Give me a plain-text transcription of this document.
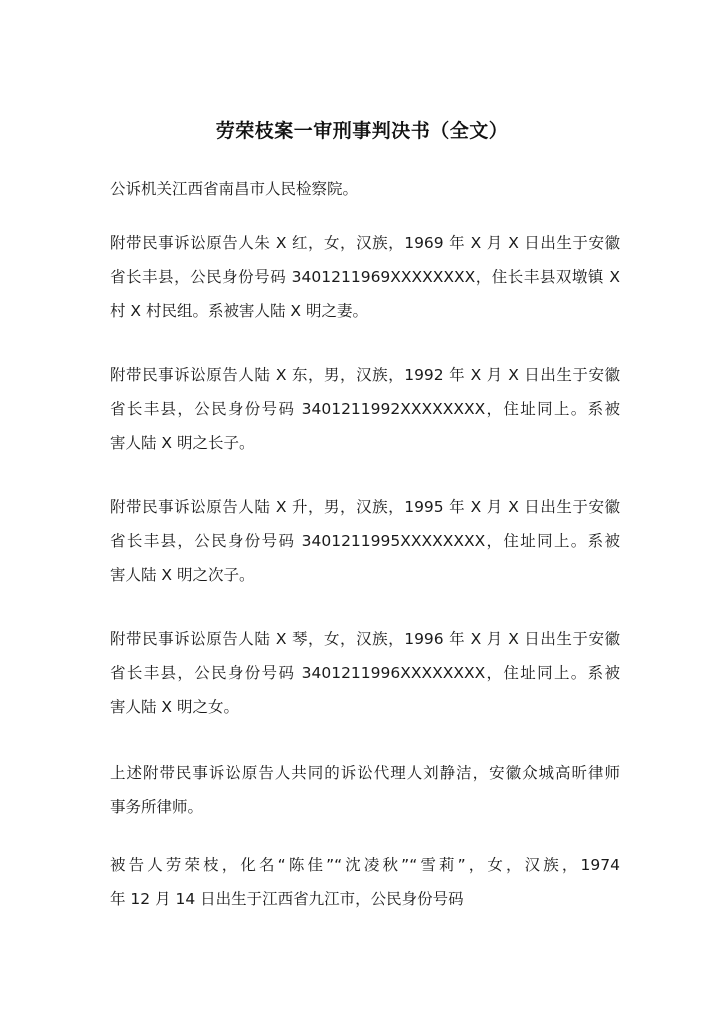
劳荣枝案一审刑事判决书（全文）
公诉机关江西省南昌市人民检察院。
附带民事诉讼原告人朱 X 红，女，汉族，1969 年 X 月 X 日出生于安徽
省长丰县，公民身份号码 3401211969XXXXXXXX，住长丰县双墩镇 X
村 X 村民组。系被害人陆 X 明之妻。
附带民事诉讼原告人陆 X 东，男，汉族，1992 年 X 月 X 日出生于安徽
省长丰县，公民身份号码 3401211992XXXXXXXX，住址同上。系被
害人陆 X 明之长子。
附带民事诉讼原告人陆 X 升，男，汉族，1995 年 X 月 X 日出生于安徽
省长丰县，公民身份号码 3401211995XXXXXXXX，住址同上。系被
害人陆 X 明之次子。
附带民事诉讼原告人陆 X 琴，女，汉族，1996 年 X 月 X 日出生于安徽
省长丰县，公民身份号码 3401211996XXXXXXXX，住址同上。系被
害人陆 X 明之女。
上述附带民事诉讼原告人共同的诉讼代理人刘静洁，安徽众城高昕律师
事务所律师。
被告人劳荣枝，化名“陈佳”“沈凌秋”“雪莉”，女，汉族，1974
年 12 月 14 日出生于江西省九江市，公民身份号码
